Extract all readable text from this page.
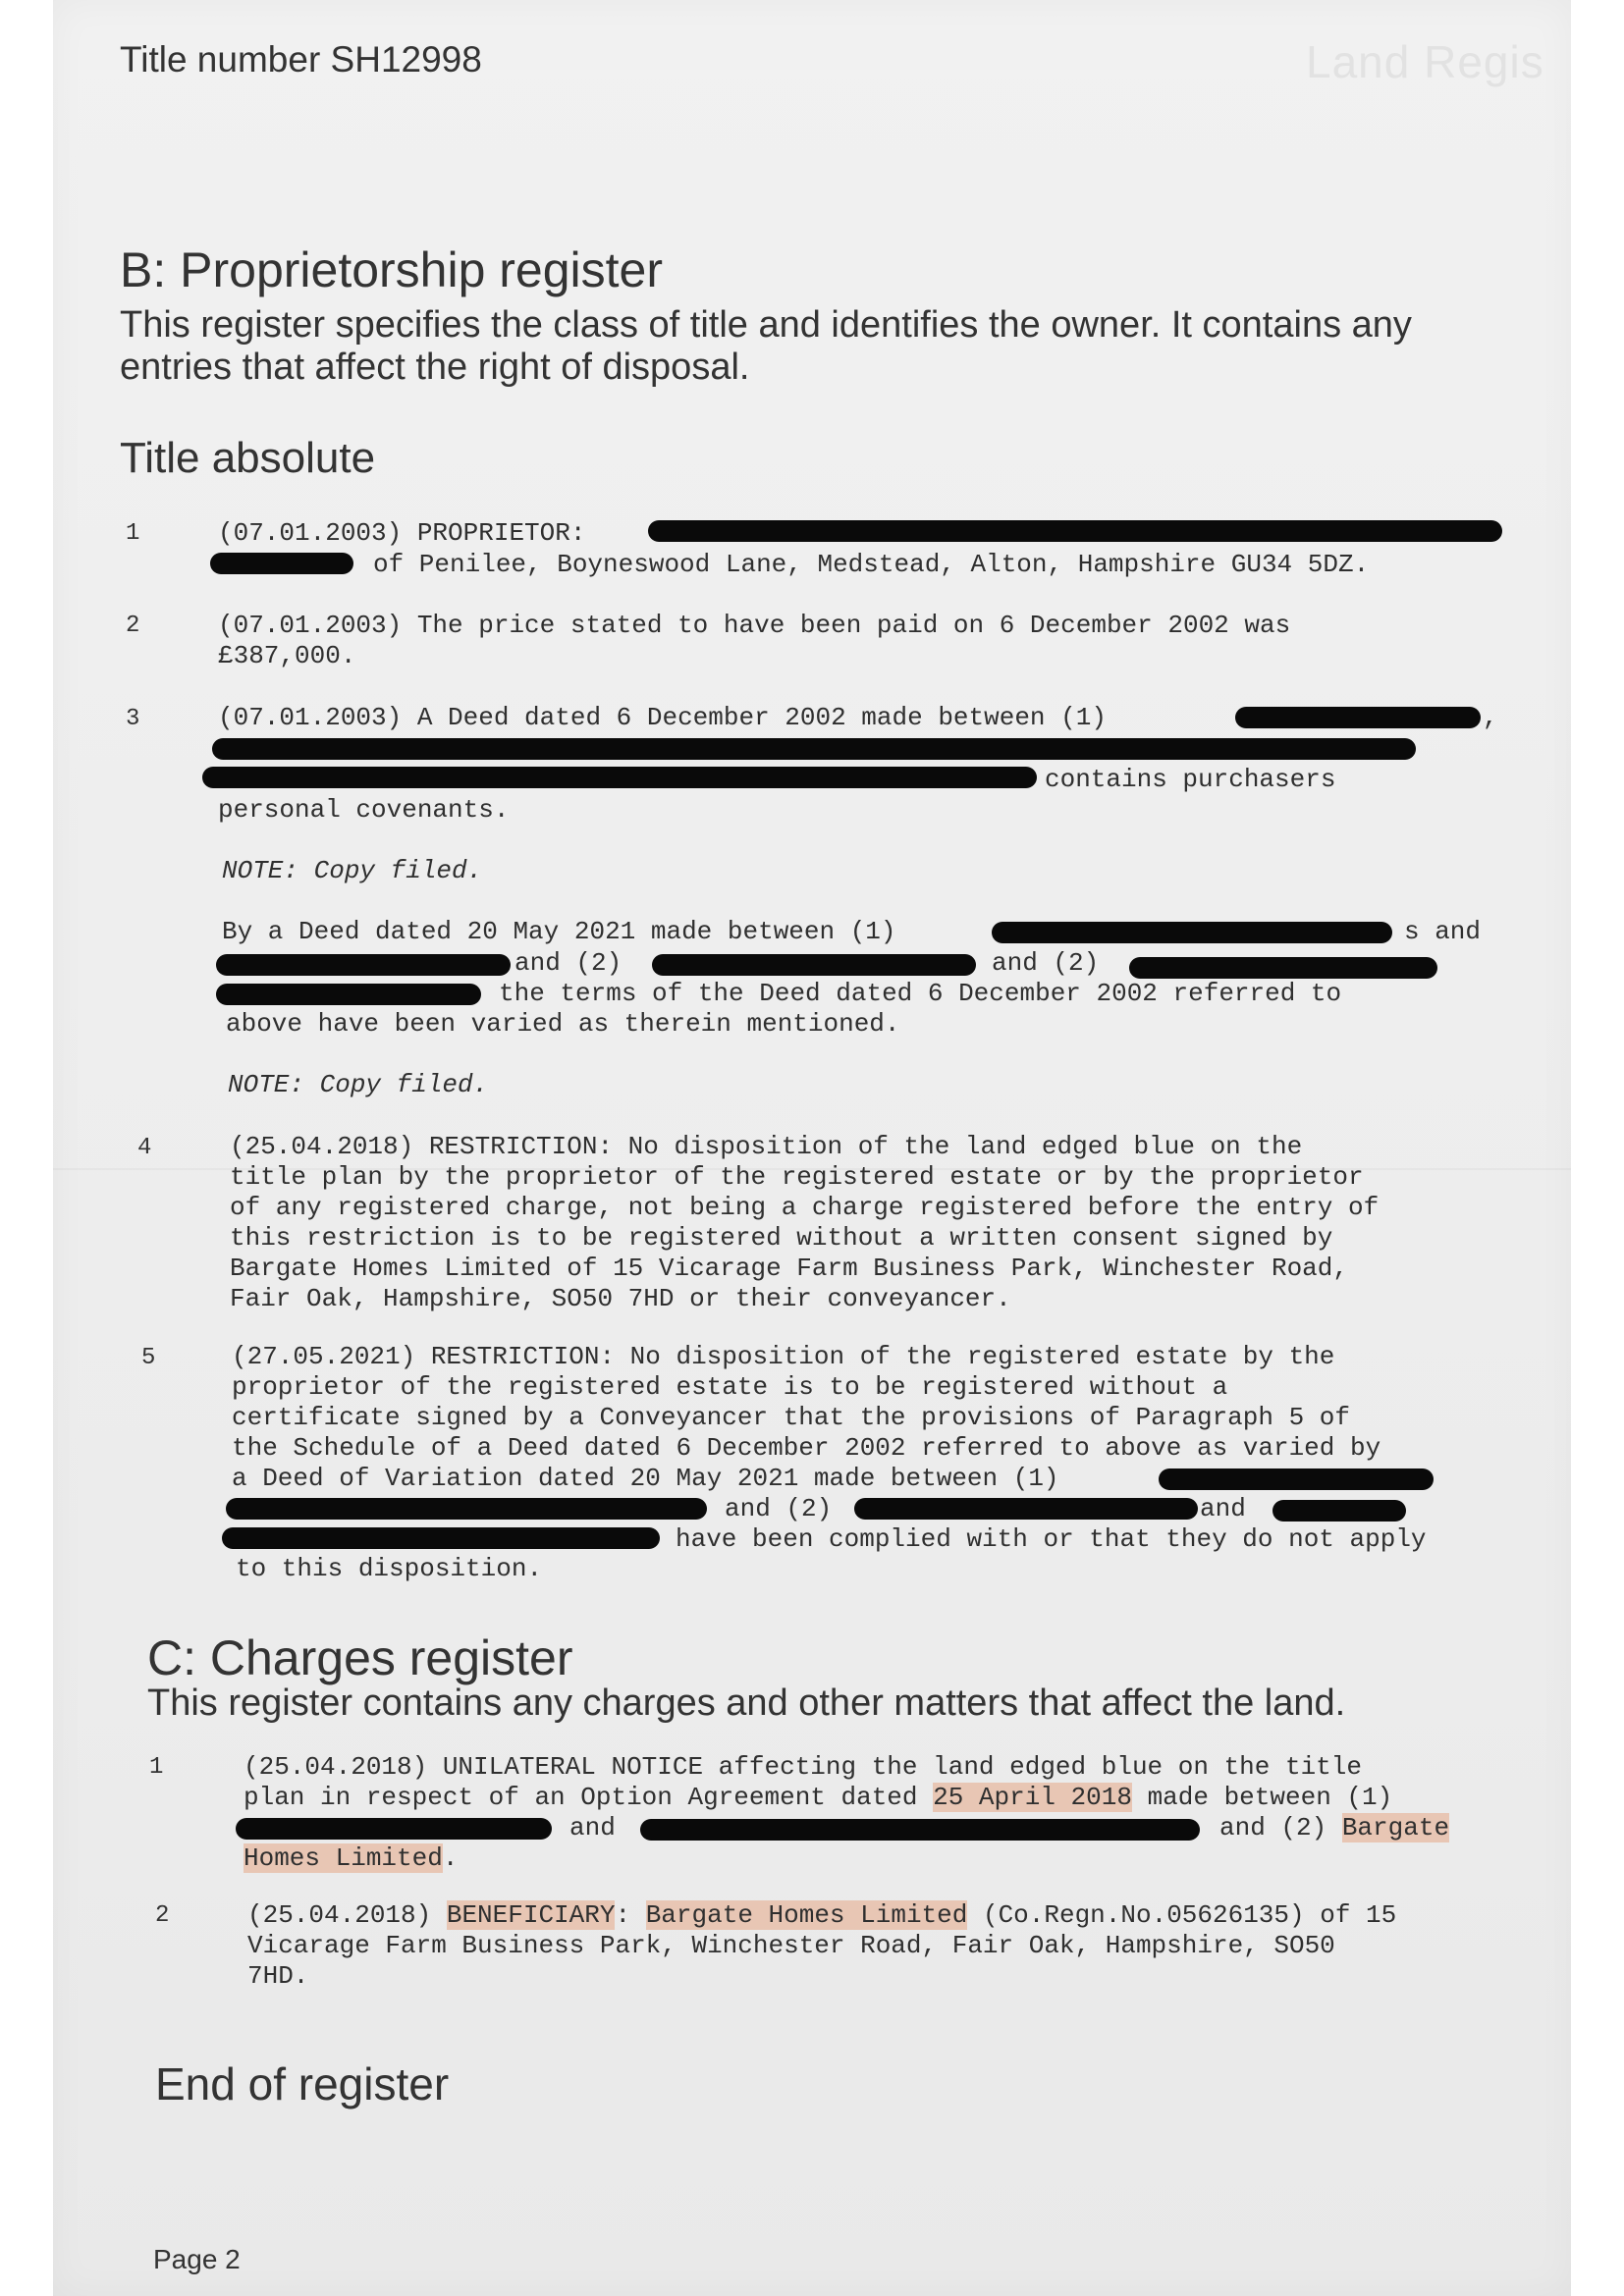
Land Regis
Title number SH12998
B: Proprietorship register
This register specifies the class of title and identifies the owner. It contains any
entries that affect the right of disposal.
Title absolute
1	(07.01.2003) PROPRIETOR:
of Penilee, Boyneswood Lane, Medstead, Alton, Hampshire GU34 5DZ.
2	(07.01.2003) The price stated to have been paid on 6 December 2002 was
£387,000.
3	(07.01.2003) A Deed dated 6 December 2002 made between (1)	,
contains purchasers
personal covenants.
NOTE: Copy filed.
By a Deed dated 20 May 2021 made between (1)	s and
and (2)	and (2)
the terms of the Deed dated 6 December 2002 referred to
above have been varied as therein mentioned.
NOTE: Copy filed.
4	(25.04.2018) RESTRICTION: No disposition of the land edged blue on the
title plan by the proprietor of the registered estate or by the proprietor
of any registered charge, not being a charge registered before the entry of
this restriction is to be registered without a written consent signed by
Bargate Homes Limited of 15 Vicarage Farm Business Park, Winchester Road,
Fair Oak, Hampshire, SO50 7HD or their conveyancer.
5	(27.05.2021) RESTRICTION: No disposition of the registered estate by the
proprietor of the registered estate is to be registered without a
certificate signed by a Conveyancer that the provisions of Paragraph 5 of
the Schedule of a Deed dated 6 December 2002 referred to above as varied by
a Deed of Variation dated 20 May 2021 made between (1)
and (2)	and
have been complied with or that they do not apply
to this disposition.
C: Charges register
This register contains any charges and other matters that affect the land.
1	(25.04.2018) UNILATERAL NOTICE affecting the land edged blue on the title
plan in respect of an Option Agreement dated 25 April 2018 made between (1)
and	and (2) Bargate
Homes Limited.
2	(25.04.2018) BENEFICIARY: Bargate Homes Limited (Co.Regn.No.05626135) of 15
Vicarage Farm Business Park, Winchester Road, Fair Oak, Hampshire, SO50
7HD.
End of register
Page 2
